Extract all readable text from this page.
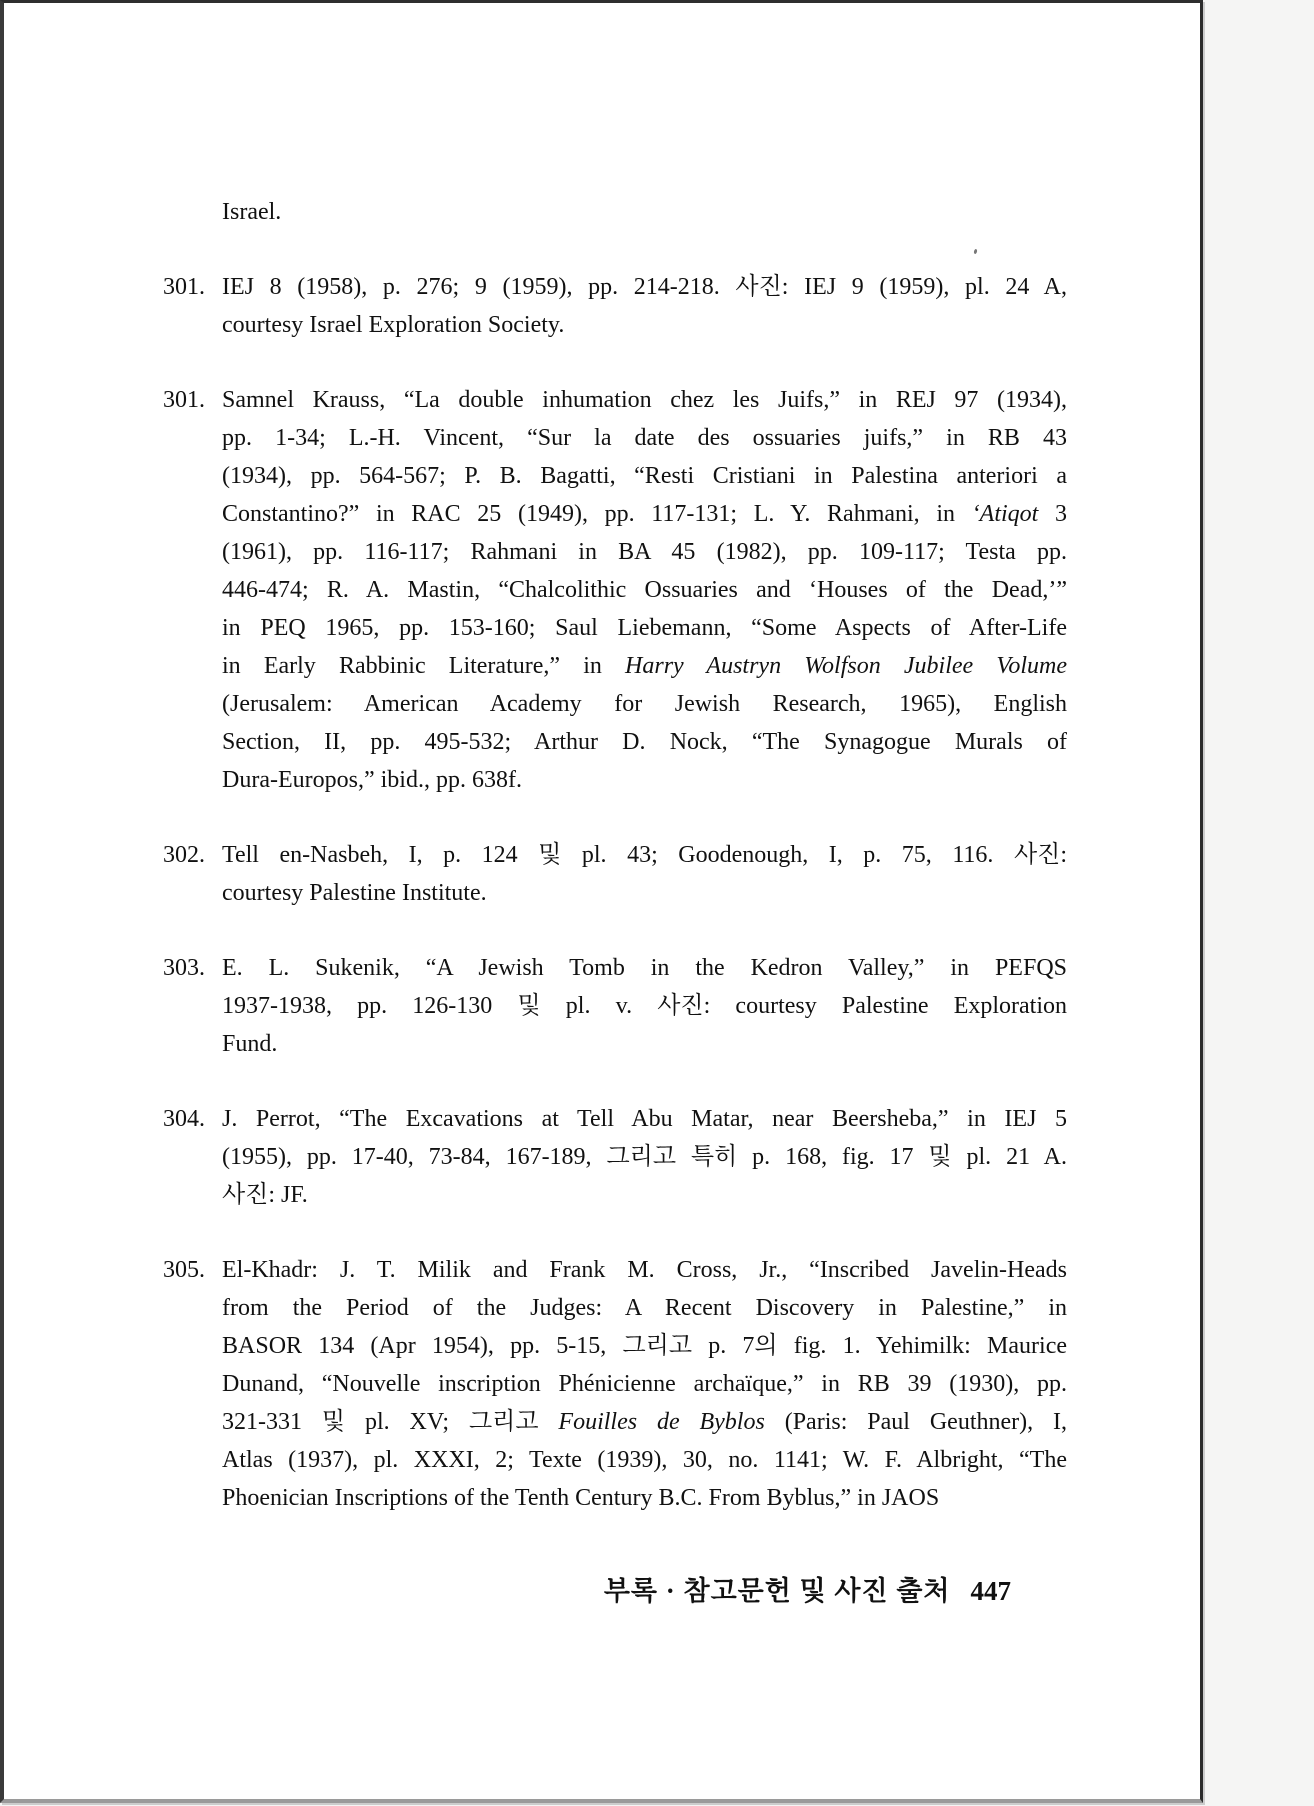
Israel.
301. IEJ 8 (1958), p. 276; 9 (1959), pp. 214-218. 사진: IEJ 9 (1959), pl. 24 A,
courtesy Israel Exploration Society.
301. Samnel Krauss, “La double inhumation chez les Juifs,” in REJ 97 (1934),
pp. 1-34; L.-H. Vincent, “Sur la date des ossuaries juifs,” in RB 43
(1934), pp. 564-567; P. B. Bagatti, “Resti Cristiani in Palestina anteriori a
Constantino?” in RAC 25 (1949), pp. 117-131; L. Y. Rahmani, in ‘Atiqot 3
(1961), pp. 116-117; Rahmani in BA 45 (1982), pp. 109-117; Testa pp.
446-474; R. A. Mastin, “Chalcolithic Ossuaries and ‘Houses of the Dead,’”
in PEQ 1965, pp. 153-160; Saul Liebemann, “Some Aspects of After-Life
in Early Rabbinic Literature,” in Harry Austryn Wolfson Jubilee Volume
(Jerusalem: American Academy for Jewish Research, 1965), English
Section, II, pp. 495-532; Arthur D. Nock, “The Synagogue Murals of
Dura-Europos,” ibid., pp. 638f.
302. Tell en-Nasbeh, I, p. 124 및 pl. 43; Goodenough, I, p. 75, 116. 사진:
courtesy Palestine Institute.
303. E. L. Sukenik, “A Jewish Tomb in the Kedron Valley,” in PEFQS
1937-1938, pp. 126-130 및 pl. v. 사진: courtesy Palestine Exploration
Fund.
304. J. Perrot, “The Excavations at Tell Abu Matar, near Beersheba,” in IEJ 5
(1955), pp. 17-40, 73-84, 167-189, 그리고 특히 p. 168, fig. 17 및 pl. 21 A.
사진: JF.
305. El-Khadr: J. T. Milik and Frank M. Cross, Jr., “Inscribed Javelin-Heads
from the Period of the Judges: A Recent Discovery in Palestine,” in
BASOR 134 (Apr 1954), pp. 5-15, 그리고 p. 7의 fig. 1. Yehimilk: Maurice
Dunand, “Nouvelle inscription Phénicienne archaïque,” in RB 39 (1930), pp.
321-331 및 pl. XV; 그리고 Fouilles de Byblos (Paris: Paul Geuthner), I,
Atlas (1937), pl. XXXI, 2; Texte (1939), 30, no. 1141; W. F. Albright, “The
Phoenician Inscriptions of the Tenth Century B.C. From Byblus,” in JAOS
부록 · 참고문헌 및 사진 출처 447
